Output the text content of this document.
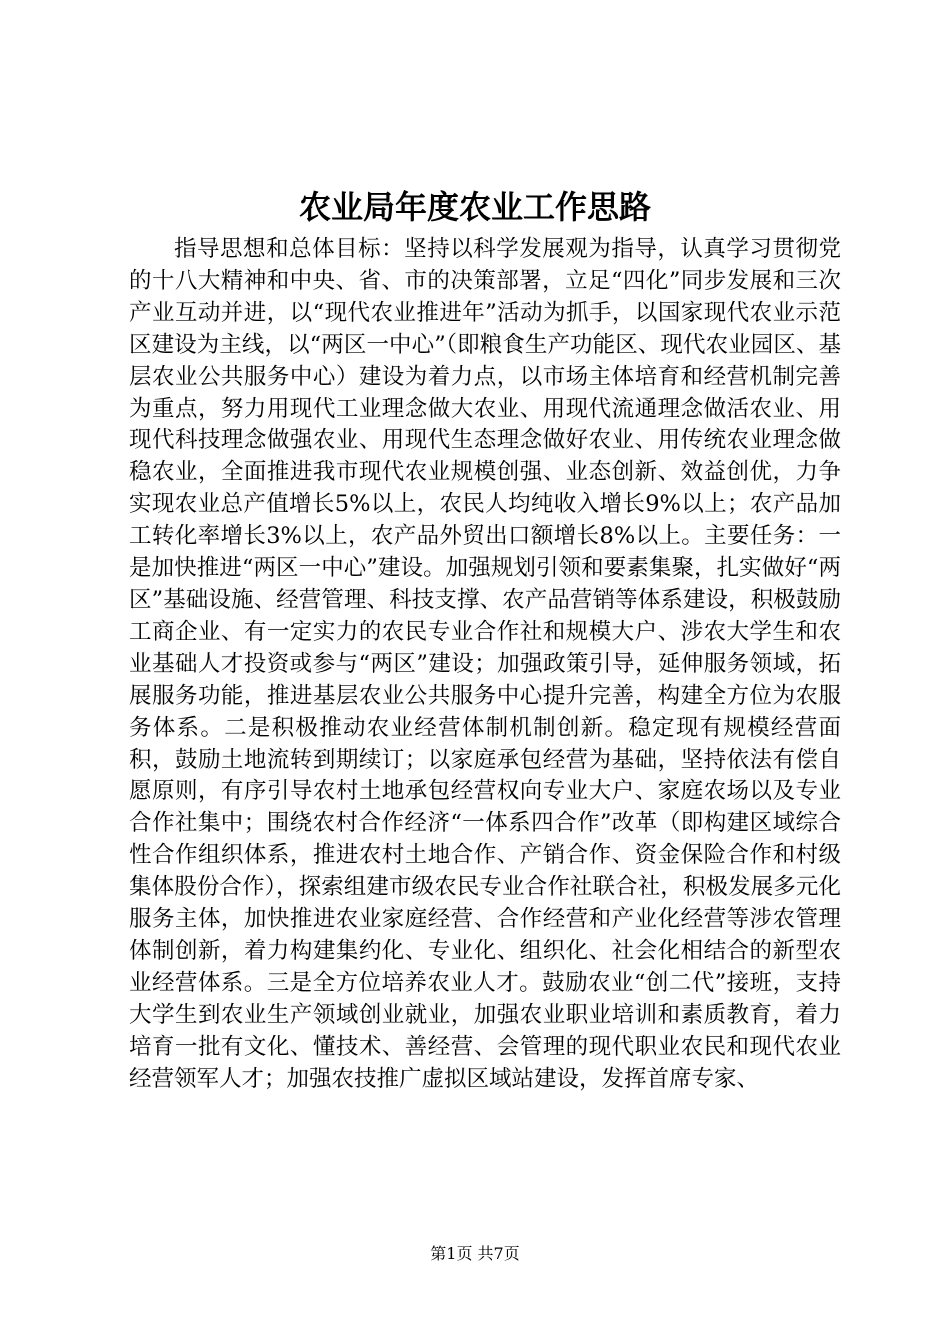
农业局年度农业工作思路

指导思想和总体目标：坚持以科学发展观为指导，认真学习贯彻党的十八大精神和中央、省、市的决策部署，立足“四化”同步发展和三次产业互动并进，以“现代农业推进年”活动为抓手，以国家现代农业示范区建设为主线，以“两区一中心”（即粮食生产功能区、现代农业园区、基层农业公共服务中心）建设为着力点，以市场主体培育和经营机制完善为重点，努力用现代工业理念做大农业、用现代流通理念做活农业、用现代科技理念做强农业、用现代生态理念做好农业、用传统农业理念做稳农业，全面推进我市现代农业规模创强、业态创新、效益创优，力争实现农业总产值增长5%以上，农民人均纯收入增长9%以上；农产品加工转化率增长3%以上，农产品外贸出口额增长8%以上。主要任务：一是加快推进“两区一中心”建设。加强规划引领和要素集聚，扎实做好“两区”基础设施、经营管理、科技支撑、农产品营销等体系建设，积极鼓励工商企业、有一定实力的农民专业合作社和规模大户、涉农大学生和农业基础人才投资或参与“两区”建设；加强政策引导，延伸服务领域，拓展服务功能，推进基层农业公共服务中心提升完善，构建全方位为农服务体系。二是积极推动农业经营体制机制创新。稳定现有规模经营面积，鼓励土地流转到期续订；以家庭承包经营为基础，坚持依法有偿自愿原则，有序引导农村土地承包经营权向专业大户、家庭农场以及专业合作社集中；围绕农村合作经济“一体系四合作”改革（即构建区域综合性合作组织体系，推进农村土地合作、产销合作、资金保险合作和村级集体股份合作），探索组建市级农民专业合作社联合社，积极发展多元化服务主体，加快推进农业家庭经营、合作经营和产业化经营等涉农管理体制创新，着力构建集约化、专业化、组织化、社会化相结合的新型农业经营体系。三是全方位培养农业人才。鼓励农业“创二代”接班，支持大学生到农业生产领域创业就业，加强农业职业培训和素质教育，着力培育一批有文化、懂技术、善经营、会管理的现代职业农民和现代农业经营领军人才；加强农技推广虚拟区域站建设，发挥首席专家、

第1页 共7页
